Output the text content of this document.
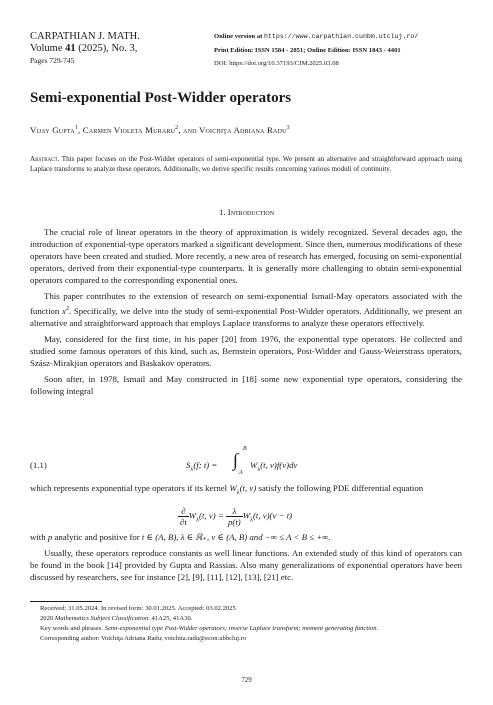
CARPATHIAN J. MATH.
Volume 41 (2025), No. 3,
Pages 729-745
Online version at https://www.carpathian.cunbm.utcluj.ro/
Print Edition: ISSN 1584 - 2851; Online Edition: ISSN 1843 - 4401
DOI: https://doi.org/10.37193/CJM.2025.03.08
Semi-exponential Post-Widder operators
Vijay Gupta$^1$, Carmen Violeta Muraru$^2$, and Voichiţa Adriana Radu$^3$
Abstract. This paper focuses on the Post-Widder operators of semi-exponential type. We present an alternative and straightforward approach using Laplace transforms to analyze these operators. Additionally, we derive specific results concerning various moduli of continuity.
1. Introduction

The crucial role of linear operators in the theory of approximation is widely recognized. Several decades ago, the introduction of exponential-type operators marked a significant development. Since then, numerous modifications of these operators have been created and studied. More recently, a new area of research has emerged, focusing on semi-exponential operators, derived from their exponential-type counterparts. It is generally more challenging to obtain semi-exponential operators compared to the corresponding exponential ones.

This paper contributes to the extension of research on semi-exponential Ismail-May operators associated with the function $x^2$. Specifically, we delve into the study of semi-exponential Post-Widder operators. Additionally, we present an alternative and straightforward approach that employs Laplace transforms to analyze these operators effectively.

May, considered for the first time, in his paper [20] from 1976, the exponential type operators. He collected and studied some famous operators of this kind, such as, Bernstein operators, Post-Widder and Gauss-Weierstrass operators, Szász-Mirakjian operators and Baskakov operators.

Soon after, in 1978, Ismail and May constructed in [18] some new exponential type operators, considering the following integral

(1.1)	$S_\lambda(f$; t) = ∫
B
A
$W_\lambda(t$, v)f(v)dv

which represents exponential type operators if its kernel $W_\lambda(t$, v) satisfy the following PDE differential equation

$\frac{\partial}{\partial t} W_\lambda(t$, $v) = \frac{\lambda}{p(t)} W_\lambda(t$, v)(v − t)

with p analytic and positive for t ∈ (A, B), λ ∈ ℝ₊, v ∈ (A, B) and −∞ ≤ A < B ≤ +∞.

Usually, these operators reproduce constants as well linear functions. An extended study of this kind of operators can be found in the book [14] provided by Gupta and Rassias. Also many generalizations of exponential operators have been discussed by researchers, see for instance [2], [9], [11], [12], [13], [21] etc.

Received: 31.05.2024. In revised form: 30.01.2025. Accepted: 03.02.2025

2020 Mathematics Subject Classification. 41A25, 41A30.

Key words and phrases. Semi-exponential type Post-Widder operators; inverse Laplace transform; moment generating function.

Corresponding author: Voichiţa Adriana Radu; voichita.radu@econ.ubbcluj.ro

729
